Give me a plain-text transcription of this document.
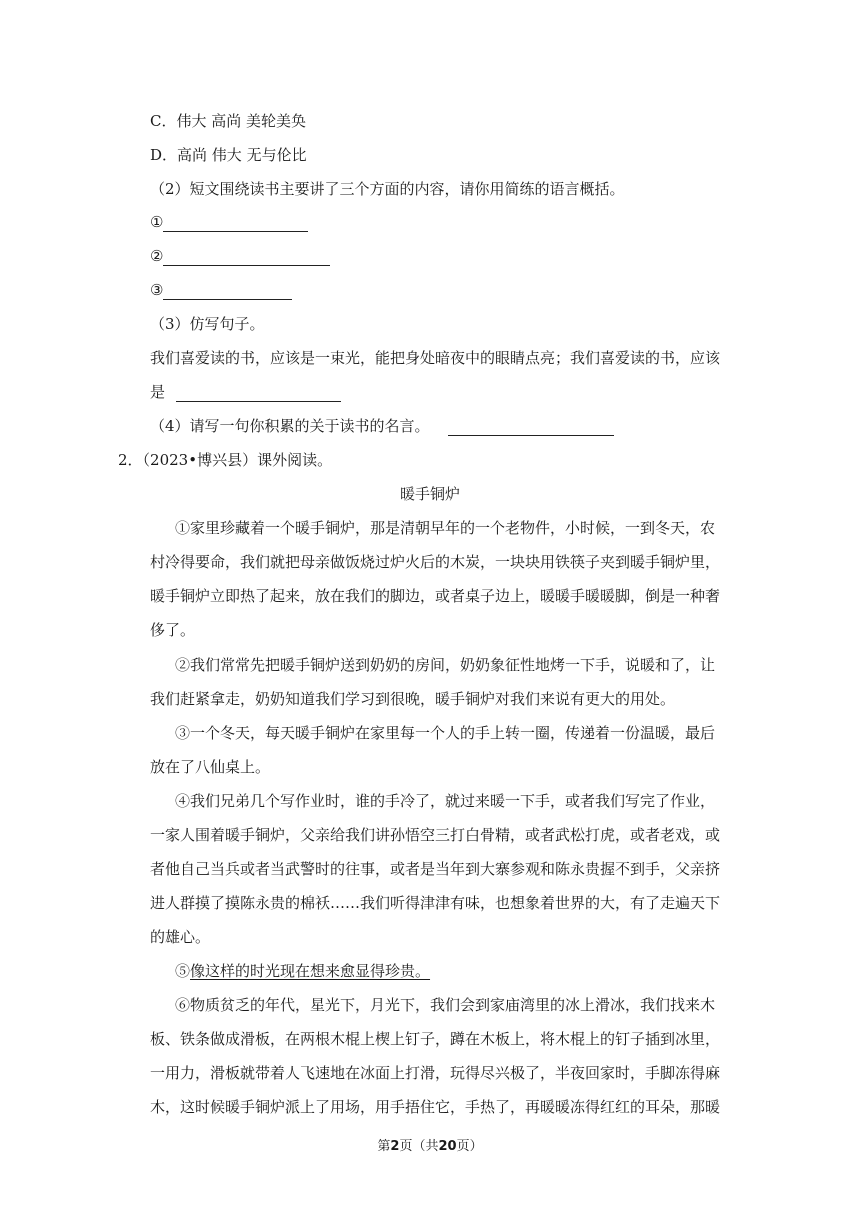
C．伟大 高尚 美轮美奂
D．高尚 伟大 无与伦比
（2）短文围绕读书主要讲了三个方面的内容，请你用简练的语言概括。
①
②
③
（3）仿写句子。
我们喜爱读的书，应该是一束光，能把身处暗夜中的眼睛点亮；我们喜爱读的书，应该
是
（4）请写一句你积累的关于读书的名言。
2．（2023•博兴县）课外阅读。
暖手铜炉
①家里珍藏着一个暖手铜炉，那是清朝早年的一个老物件，小时候，一到冬天，农
村冷得要命，我们就把母亲做饭烧过炉火后的木炭，一块块用铁筷子夹到暖手铜炉里，
暖手铜炉立即热了起来，放在我们的脚边，或者桌子边上，暖暖手暖暖脚，倒是一种奢
侈了。
②我们常常先把暖手铜炉送到奶奶的房间，奶奶象征性地烤一下手，说暖和了，让
我们赶紧拿走，奶奶知道我们学习到很晚，暖手铜炉对我们来说有更大的用处。
③一个冬天，每天暖手铜炉在家里每一个人的手上转一圈，传递着一份温暖，最后
放在了八仙桌上。
④我们兄弟几个写作业时，谁的手冷了，就过来暖一下手，或者我们写完了作业，
一家人围着暖手铜炉，父亲给我们讲孙悟空三打白骨精，或者武松打虎，或者老戏，或
者他自己当兵或者当武警时的往事，或者是当年到大寨参观和陈永贵握不到手，父亲挤
进人群摸了摸陈永贵的棉袄……我们听得津津有味，也想象着世界的大，有了走遍天下
的雄心。
⑤像这样的时光现在想来愈显得珍贵。
⑥物质贫乏的年代，星光下，月光下，我们会到家庙湾里的冰上滑冰，我们找来木
板、铁条做成滑板，在两根木棍上楔上钉子，蹲在木板上，将木棍上的钉子插到冰里，
一用力，滑板就带着人飞速地在冰面上打滑，玩得尽兴极了，半夜回家时，手脚冻得麻
木，这时候暖手铜炉派上了用场，用手捂住它，手热了，再暖暖冻得红红的耳朵，那暖
第2页（共20页）
